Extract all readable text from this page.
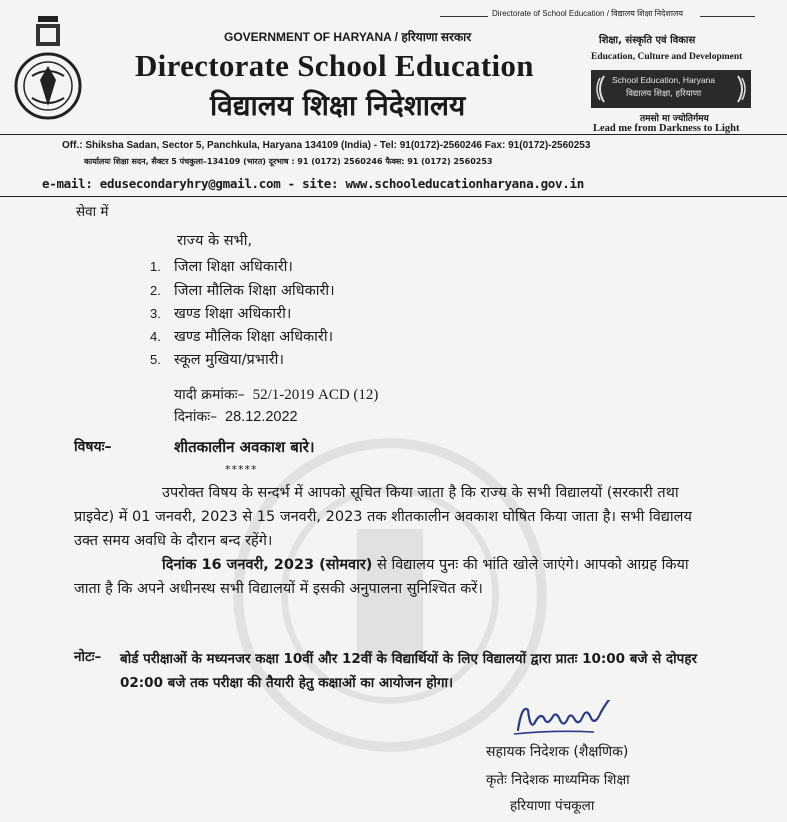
Directorate of School Education / विद्यालय शिक्षा निदेशालय
GOVERNMENT OF HARYANA / हरियाणा सरकार
Directorate School Education
विद्यालय शिक्षा निदेशालय
शिक्षा, संस्कृति एवं विकास
Education, Culture and Development
School Education, Haryana
विद्यालय शिक्षा, हरियाणा
तमसो मा ज्योतिर्गमय
Lead me from Darkness to Light
Off.: Shiksha Sadan, Sector 5, Panchkula, Haryana 134109 (India) - Tel: 91(0172)-2560246 Fax: 91(0172)-2560253
कार्यालयः शिक्षा सदन, सैक्टर 5 पंचकुला–134109 (भारत) दूरभाष : 91 (0172) 2560246 फैक्स: 91 (0172) 2560253
e-mail: edusecondaryhry@gmail.com - site: www.schooleducationharyana.gov.in
सेवा में
राज्य के सभी,
1. जिला शिक्षा अधिकारी।
2. जिला मौलिक शिक्षा अधिकारी।
3. खण्ड शिक्षा अधिकारी।
4. खण्ड मौलिक शिक्षा अधिकारी।
5. स्कूल मुखिया/प्रभारी।
यादी क्रमांकः– 52/1-2019 ACD (12)
दिनांकः– 28.12.2022
विषयः–	शीतकालीन अवकाश बारे।
*****
उपरोक्त विषय के सन्दर्भ में आपको सूचित किया जाता है कि राज्य के सभी विद्यालयों (सरकारी तथा प्राइवेट) में 01 जनवरी, 2023 से 15 जनवरी, 2023 तक शीतकालीन अवकाश घोषित किया जाता है। सभी विद्यालय उक्त समय अवधि के दौरान बन्द रहेंगे।
दिनांक 16 जनवरी, 2023 (सोमवार) से विद्यालय पुनः की भांति खोले जाएंगे। आपको आग्रह किया जाता है कि अपने अधीनस्थ सभी विद्यालयों में इसकी अनुपालना सुनिश्चित करें।
नोटः– बोर्ड परीक्षाओं के मध्यनजर कक्षा 10वीं और 12वीं के विद्यार्थियों के लिए विद्यालयों द्वारा प्रातः 10:00 बजे से दोपहर 02:00 बजे तक परीक्षा की तैयारी हेतु कक्षाओं का आयोजन होगा।
सहायक निदेशक (शैक्षणिक)
कृतेः निदेशक माध्यमिक शिक्षा
हरियाणा पंचकूला
